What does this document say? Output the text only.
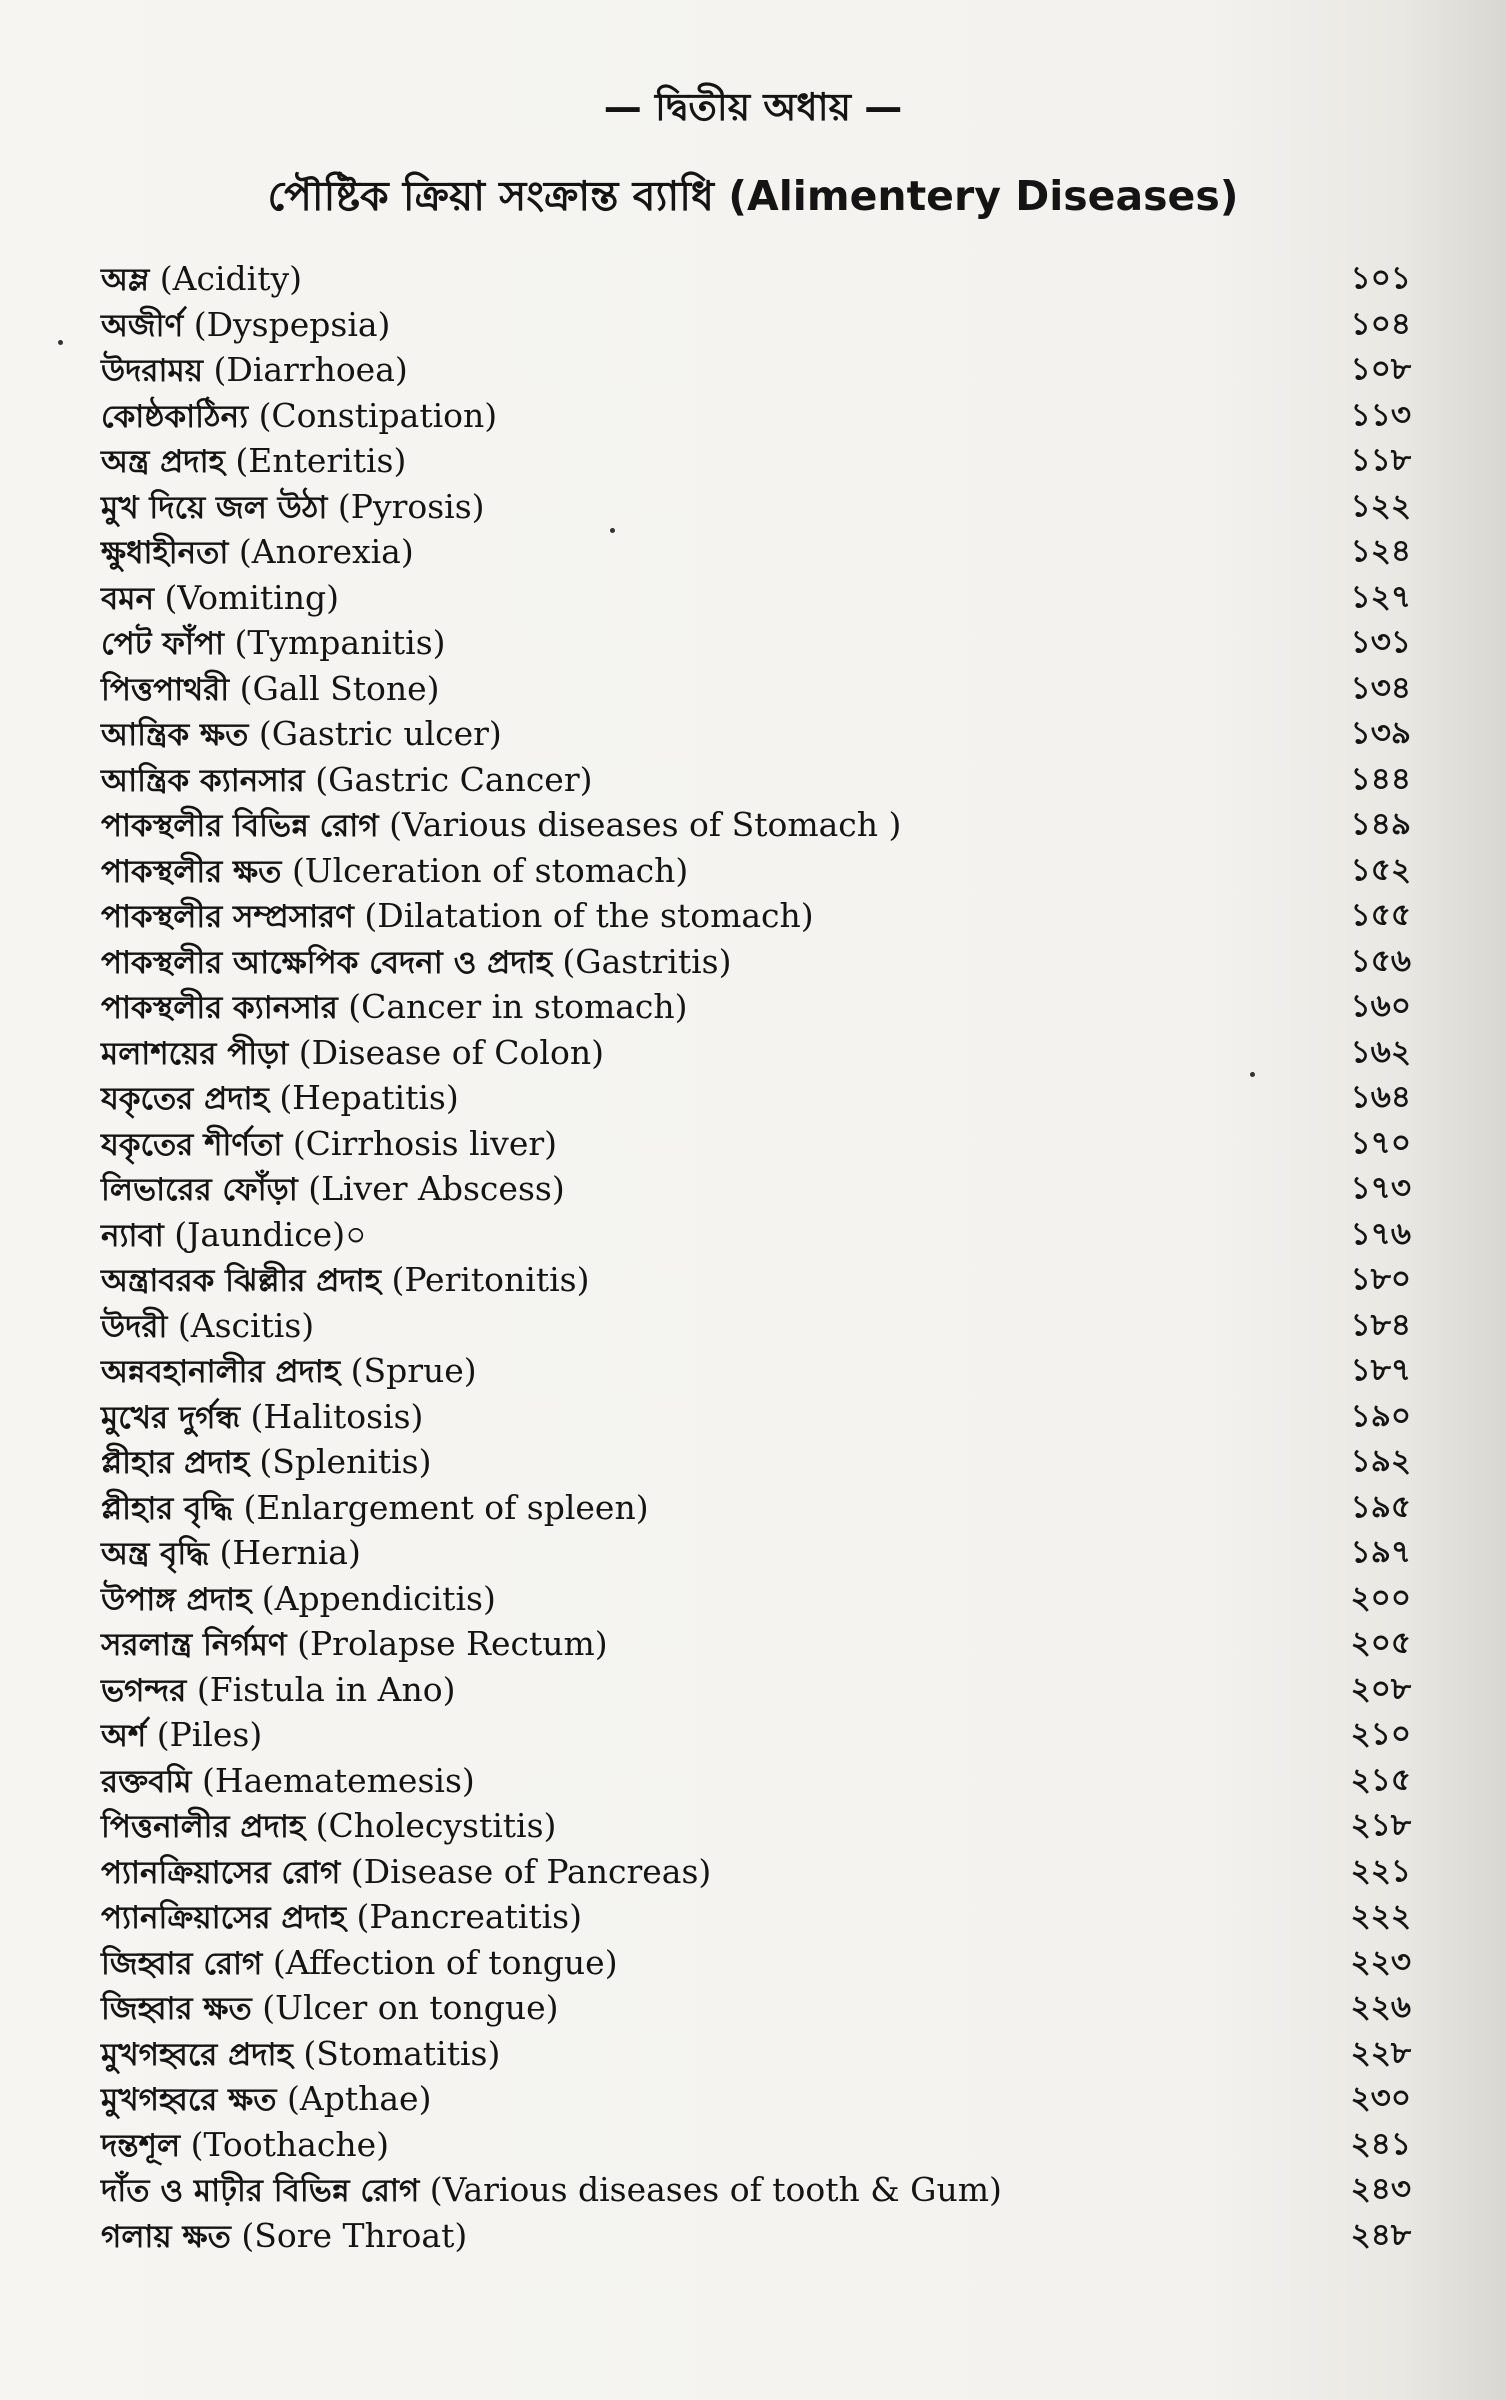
— দ্বিতীয় অধায় —
পৌষ্টিক ক্রিয়া সংক্রান্ত ব্যাধি (Alimentery Diseases)
অম্ল (Acidity)	১০১
অজীর্ণ (Dyspepsia)	১০৪
উদরাময় (Diarrhoea)	১০৮
কোষ্ঠকাঠিন্য (Constipation)	১১৩
অন্ত্র প্রদাহ (Enteritis)	১১৮
মুখ দিয়ে জল উঠা (Pyrosis)	১২২
ক্ষুধাহীনতা (Anorexia)	১২৪
বমন (Vomiting)	১২৭
পেট ফাঁপা (Tympanitis)	১৩১
পিত্তপাথরী (Gall Stone)	১৩৪
আন্ত্রিক ক্ষত (Gastric ulcer)	১৩৯
আন্ত্রিক ক্যানসার (Gastric Cancer)	১৪৪
পাকস্থলীর বিভিন্ন রোগ (Various diseases of Stomach )	১৪৯
পাকস্থলীর ক্ষত (Ulceration of stomach)	১৫২
পাকস্থলীর সম্প্রসারণ (Dilatation of the stomach)	১৫৫
পাকস্থলীর আক্ষেপিক বেদনা ও প্রদাহ (Gastritis)	১৫৬
পাকস্থলীর ক্যানসার (Cancer in stomach)	১৬০
মলাশয়ের পীড়া (Disease of Colon)	১৬২
যকৃতের প্রদাহ (Hepatitis)	১৬৪
যকৃতের শীর্ণতা (Cirrhosis liver)	১৭০
লিভারের ফোঁড়া (Liver Abscess)	১৭৩
ন্যাবা (Jaundice)০	১৭৬
অন্ত্রাবরক ঝিল্লীর প্রদাহ (Peritonitis)	১৮০
উদরী (Ascitis)	১৮৪
অন্নবহানালীর প্রদাহ (Sprue)	১৮৭
মুখের দুর্গন্ধ (Halitosis)	১৯০
প্লীহার প্রদাহ (Splenitis)	১৯২
প্লীহার বৃদ্ধি (Enlargement of spleen)	১৯৫
অন্ত্র বৃদ্ধি (Hernia)	১৯৭
উপাঙ্গ প্রদাহ (Appendicitis)	২০০
সরলান্ত্র নির্গমণ (Prolapse Rectum)	২০৫
ভগন্দর (Fistula in Ano)	২০৮
অর্শ (Piles)	২১০
রক্তবমি (Haematemesis)	২১৫
পিত্তনালীর প্রদাহ (Cholecystitis)	২১৮
প্যানক্রিয়াসের রোগ (Disease of Pancreas)	২২১
প্যানক্রিয়াসের প্রদাহ (Pancreatitis)	২২২
জিহ্বার রোগ (Affection of tongue)	২২৩
জিহ্বার ক্ষত (Ulcer on tongue)	২২৬
মুখগহ্বরে প্রদাহ (Stomatitis)	২২৮
মুখগহ্বরে ক্ষত (Apthae)	২৩০
দন্তশূল (Toothache)	২৪১
দাঁত ও মাঢ়ীর বিভিন্ন রোগ (Various diseases of tooth & Gum)	২৪৩
গলায় ক্ষত (Sore Throat)	২৪৮
